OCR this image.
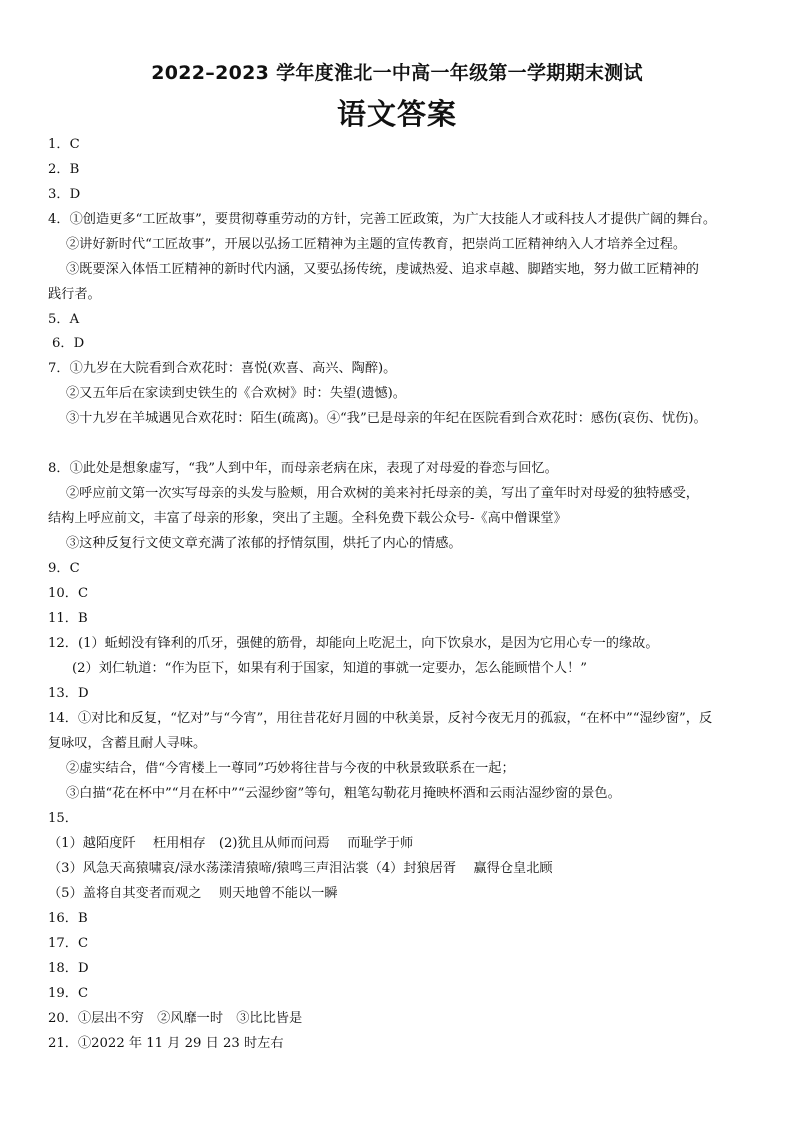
2022–2023 学年度淮北一中高一年级第一学期期末测试
语文答案
1．C
2．B
3．D
4．①创造更多“工匠故事”，要贯彻尊重劳动的方针，完善工匠政策，为广大技能人才或科技人才提供广阔的舞台。
②讲好新时代“工匠故事”，开展以弘扬工匠精神为主题的宣传教育，把崇尚工匠精神纳入人才培养全过程。
③既要深入体悟工匠精神的新时代内涵，又要弘扬传统，虔诚热爱、追求卓越、脚踏实地，努力做工匠精神的
践行者。
5．A
6．D
7．①九岁在大院看到合欢花时：喜悦(欢喜、高兴、陶醉)。
②又五年后在家读到史铁生的《合欢树》时：失望(遗憾)。
③十九岁在羊城遇见合欢花时：陌生(疏离)。④“我”已是母亲的年纪在医院看到合欢花时：感伤(哀伤、忧伤)。
8．①此处是想象虚写，“我”人到中年，而母亲老病在床，表现了对母爱的眷恋与回忆。
②呼应前文第一次实写母亲的头发与脸颊，用合欢树的美来衬托母亲的美，写出了童年时对母爱的独特感受，
结构上呼应前文，丰富了母亲的形象，突出了主题。全科免费下载公众号-《高中僧课堂》
③这种反复行文使文章充满了浓郁的抒情氛围，烘托了内心的情感。
9．C
10．C
11．B
12．(1）蚯蚓没有锋利的爪牙，强健的筋骨，却能向上吃泥土，向下饮泉水，是因为它用心专一的缘故。
(2）刘仁轨道：“作为臣下，如果有利于国家，知道的事就一定要办，怎么能顾惜个人！”
13．D
14．①对比和反复，“忆对”与“今宵”，用往昔花好月圆的中秋美景，反衬今夜无月的孤寂，“在杯中”“湿纱窗”，反
复咏叹，含蓄且耐人寻味。
②虚实结合，借“今宵楼上一尊同”巧妙将往昔与今夜的中秋景致联系在一起；
③白描“花在杯中”“月在杯中”“云湿纱窗”等句，粗笔勾勒花月掩映杯酒和云雨沾湿纱窗的景色。
15．
（1）越陌度阡　 枉用相存　(2)犹且从师而问焉　 而耻学于师
（3）风急天高猿啸哀/渌水荡漾清猿啼/猿鸣三声泪沾裳（4）封狼居胥　 赢得仓皇北顾
（5）盖将自其变者而观之　 则天地曾不能以一瞬
16．B
17．C
18．D
19．C
20．①层出不穷　②风靡一时　③比比皆是
21．①2022 年 11 月 29 日 23 时左右
